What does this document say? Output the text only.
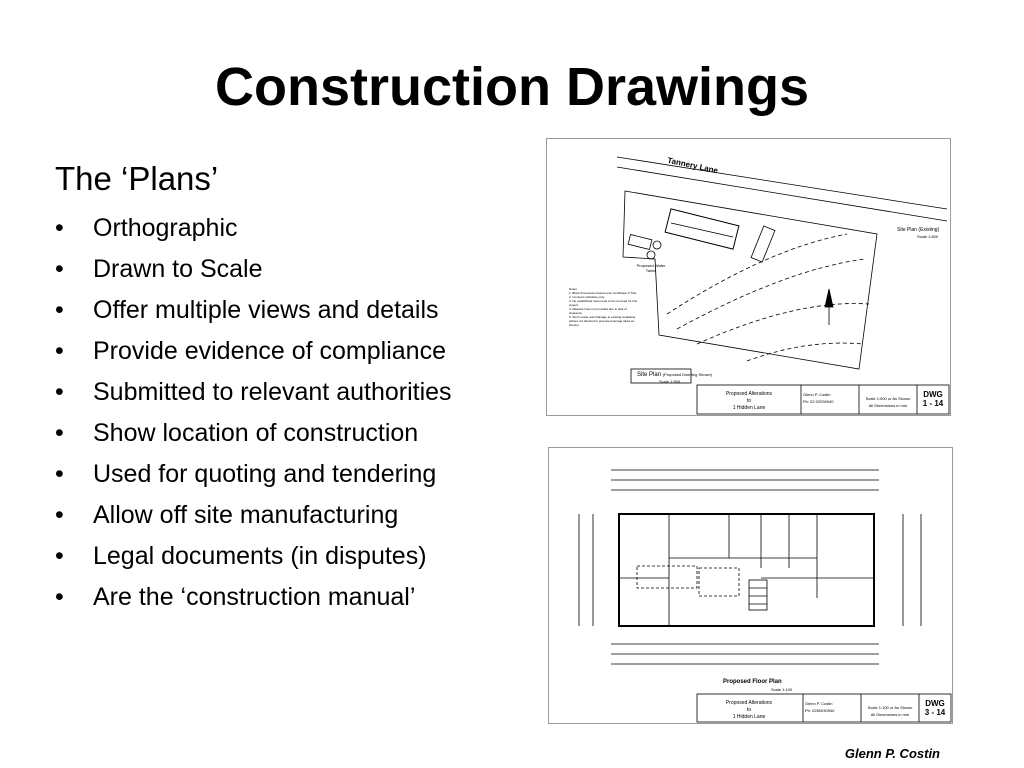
Construction Drawings
The ‘Plans’
• Orthographic
• Drawn to Scale
• Offer multiple views and details
• Provide evidence of compliance
• Submitted to relevant authorities
• Show location of construction
• Used for quoting and tendering
• Allow off site manufacturing
• Legal documents (in disputes)
• Are the ‘construction manual’
Tannery Lane
Proposed Water Tanks
Notes
1. Block dimensions based upon Certificate of Title.
2. Contours indicative only.
3. No established trees need to be removed for this project.
4. Meadow lines not provided due to lack of clearance.
5. Storm water and drainage to existing soakaway (where not directed to proposed storage tanks as shown).
Site Plan (Existing)
Scale 1:800
Site Plan (Proposed Dwelling Shown)
Scale 1:500
Proposed Alterations
to
1 Hidden Lane
Glenn P. Costin
Ph: 02 02030940
Scale 1:500 or As Shown
All Dimensions in mm
DWG
1 - 14
Proposed Floor Plan
Scale 1:100
Proposed Alterations
to
1 Hidden Lane
Glenn P. Costin
Ph: 0260030940
Scale 1:100 or As Shown
All Dimensions in mm
DWG
3 - 14
Glenn P. Costin
